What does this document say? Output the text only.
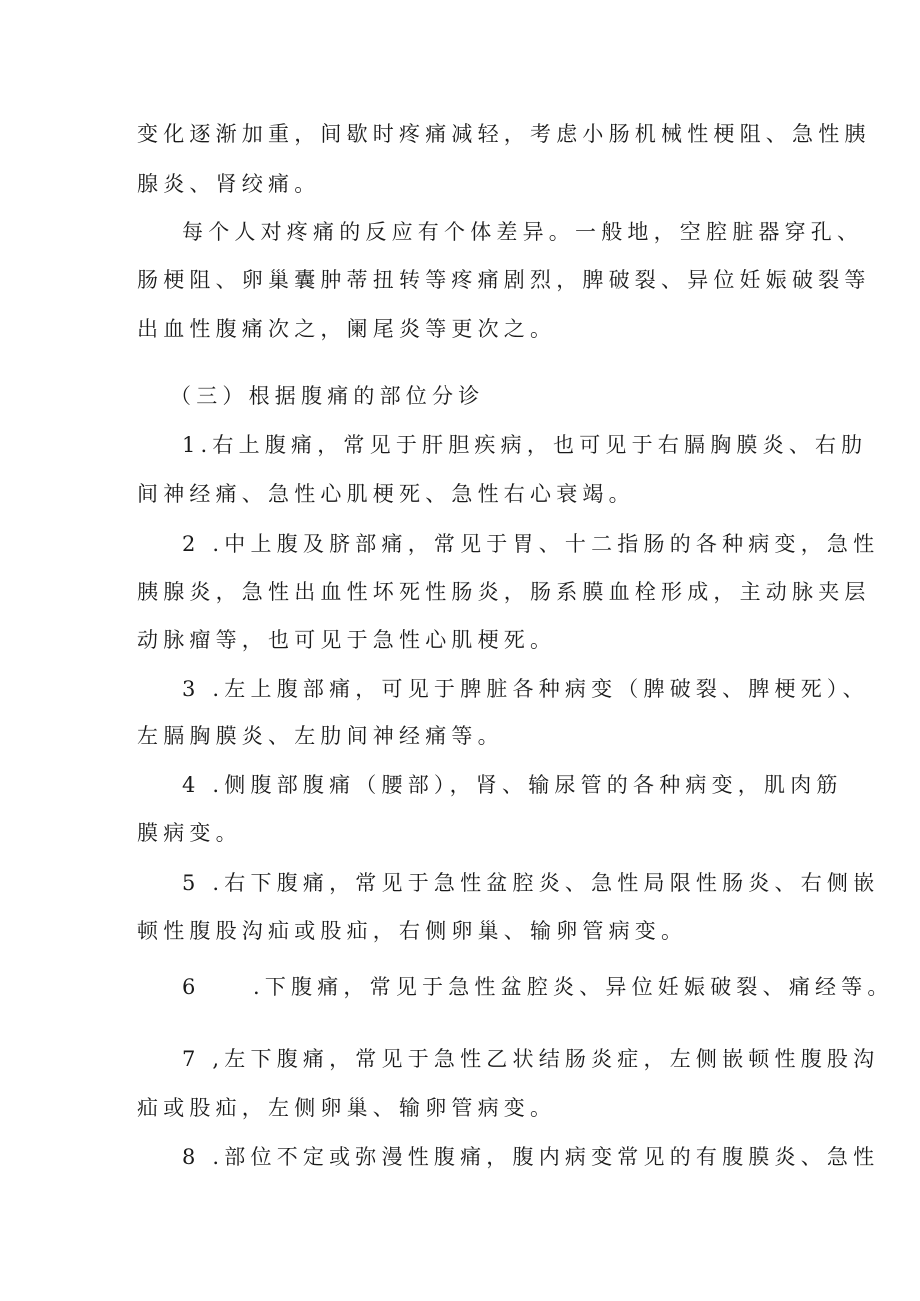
变化逐渐加重，间歇时疼痛减轻，考虑小肠机械性梗阻、急性胰
腺炎、肾绞痛。
每个人对疼痛的反应有个体差异。一般地，空腔脏器穿孔、
肠梗阻、卵巢囊肿蒂扭转等疼痛剧烈，脾破裂、异位妊娠破裂等
出血性腹痛次之，阑尾炎等更次之。
（三）根据腹痛的部位分诊
1.右上腹痛，常见于肝胆疾病，也可见于右膈胸膜炎、右肋
间神经痛、急性心肌梗死、急性右心衰竭。
2 .中上腹及脐部痛，常见于胃、十二指肠的各种病变，急性
胰腺炎，急性出血性坏死性肠炎，肠系膜血栓形成，主动脉夹层
动脉瘤等，也可见于急性心肌梗死。
3 .左上腹部痛，可见于脾脏各种病变（脾破裂、脾梗死）、
左膈胸膜炎、左肋间神经痛等。
4 .侧腹部腹痛（腰部），肾、输尿管的各种病变，肌肉筋
膜病变。
5 .右下腹痛，常见于急性盆腔炎、急性局限性肠炎、右侧嵌
顿性腹股沟疝或股疝，右侧卵巢、输卵管病变。
6  .下腹痛，常见于急性盆腔炎、异位妊娠破裂、痛经等。
7 ,左下腹痛，常见于急性乙状结肠炎症，左侧嵌顿性腹股沟
疝或股疝，左侧卵巢、输卵管病变。
8 .部位不定或弥漫性腹痛，腹内病变常见的有腹膜炎、急性
